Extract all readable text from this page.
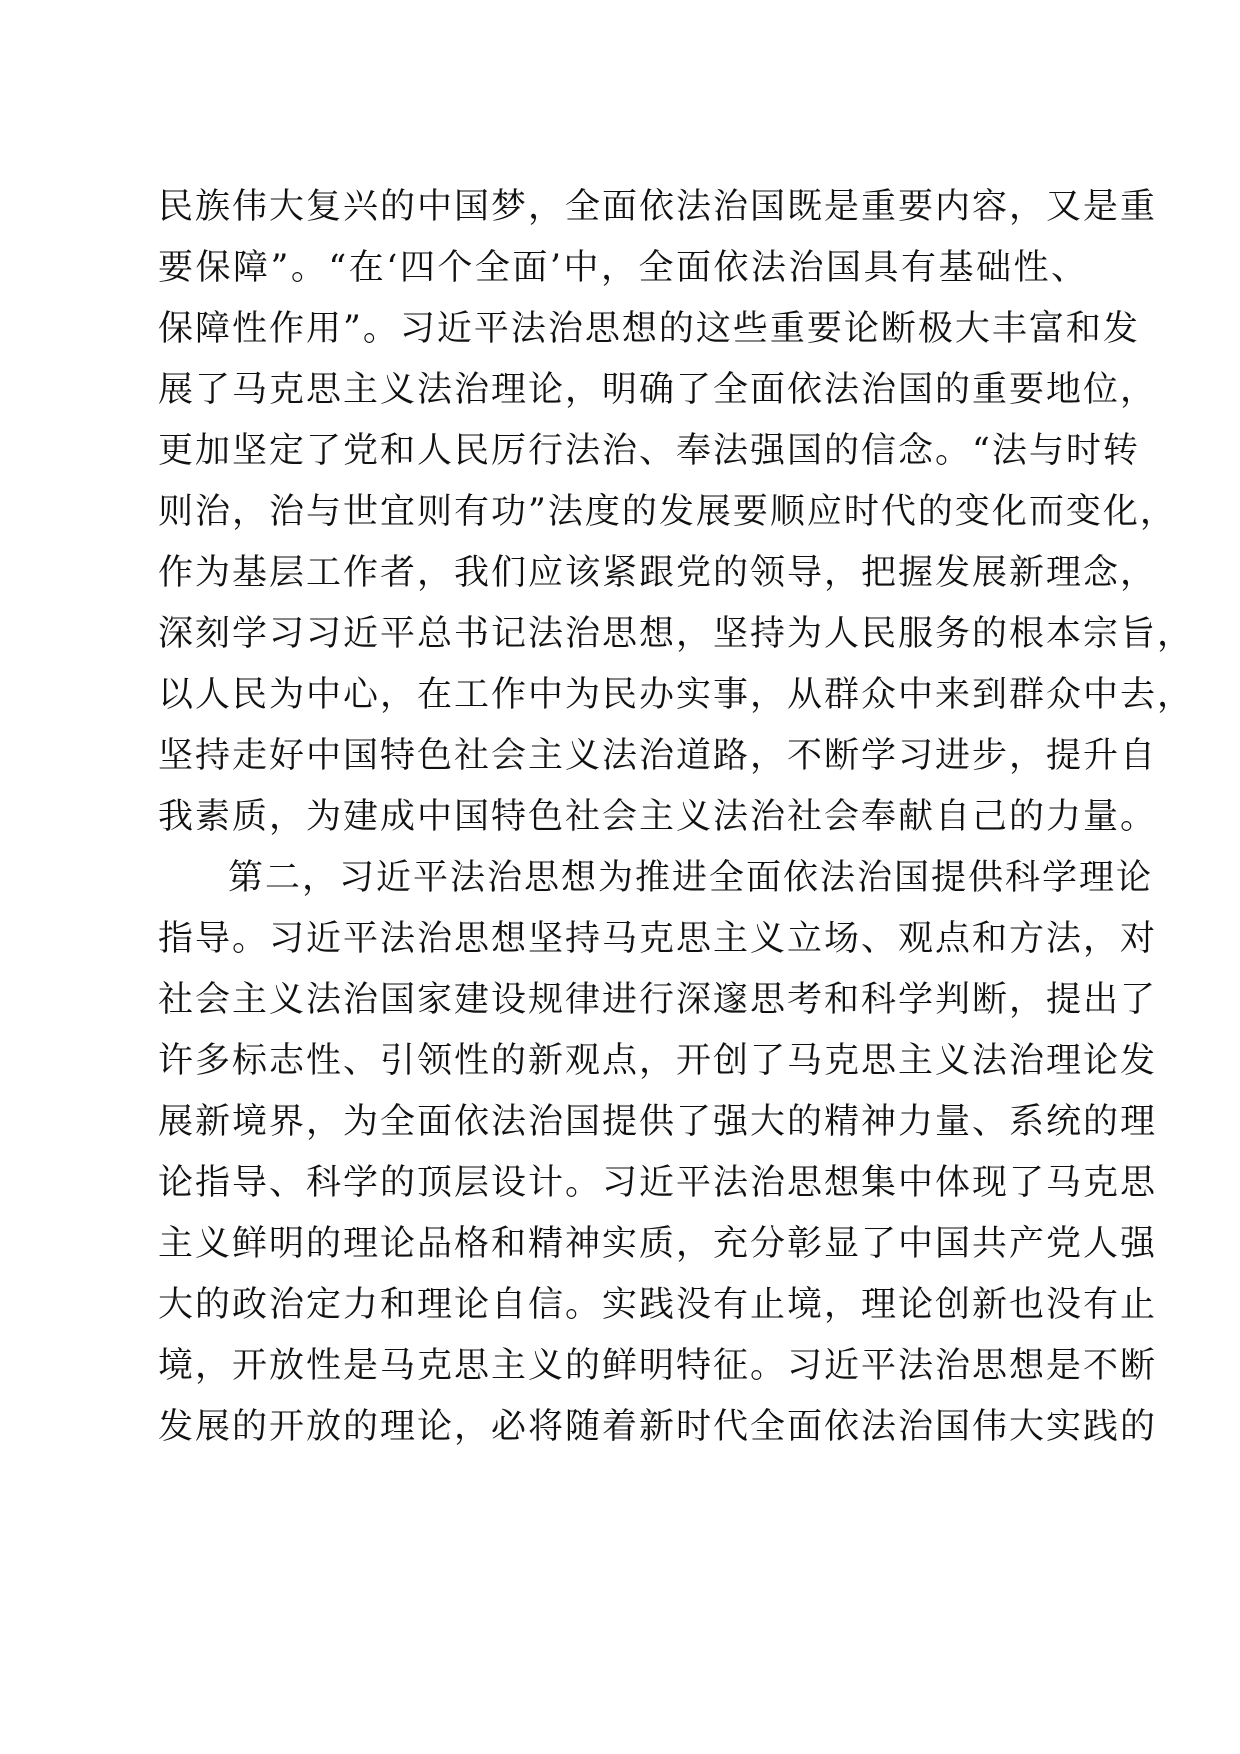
民族伟大复兴的中国梦，全面依法治国既是重要内容，又是重
要保障”。“在‘四个全面’中，全面依法治国具有基础性、
保障性作用”。习近平法治思想的这些重要论断极大丰富和发
展了马克思主义法治理论，明确了全面依法治国的重要地位，
更加坚定了党和人民厉行法治、奉法强国的信念。“法与时转
则治，治与世宜则有功”法度的发展要顺应时代的变化而变化，
作为基层工作者，我们应该紧跟党的领导，把握发展新理念，
深刻学习习近平总书记法治思想，坚持为人民服务的根本宗旨，
以人民为中心，在工作中为民办实事，从群众中来到群众中去，
坚持走好中国特色社会主义法治道路，不断学习进步，提升自
我素质，为建成中国特色社会主义法治社会奉献自己的力量。
第二，习近平法治思想为推进全面依法治国提供科学理论
指导。习近平法治思想坚持马克思主义立场、观点和方法，对
社会主义法治国家建设规律进行深邃思考和科学判断，提出了
许多标志性、引领性的新观点，开创了马克思主义法治理论发
展新境界，为全面依法治国提供了强大的精神力量、系统的理
论指导、科学的顶层设计。习近平法治思想集中体现了马克思
主义鲜明的理论品格和精神实质，充分彰显了中国共产党人强
大的政治定力和理论自信。实践没有止境，理论创新也没有止
境，开放性是马克思主义的鲜明特征。习近平法治思想是不断
发展的开放的理论，必将随着新时代全面依法治国伟大实践的
